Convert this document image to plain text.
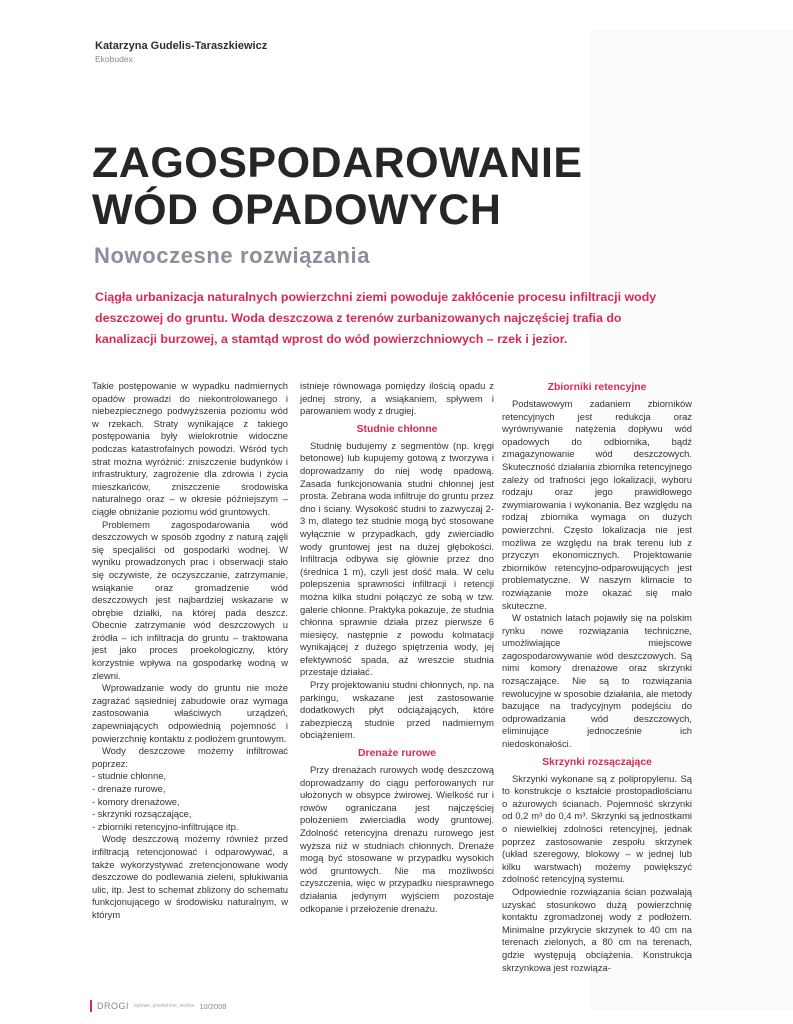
Katarzyna Gudelis-Taraszkiewicz
Ekobudex
ZAGOSPODAROWANIE
WÓD OPADOWYCH
Nowoczesne rozwiązania

Ciągła urbanizacja naturalnych powierzchni ziemi powoduje zakłócenie procesu infiltracji wody deszczowej do gruntu. Woda deszczowa z terenów zurbanizowanych najczęściej trafia do kanalizacji burzowej, a stamtąd wprost do wód powierzchniowych – rzek i jezior.

Takie postępowanie w wypadku nadmiernych opadów prowadzi do niekontrolowanego i niebezpiecznego podwyższenia poziomu wód w rzekach. Straty wynikające z takiego postępowania były wielokrotnie widoczne podczas katastrofalnych powodzi. Wśród tych strat można wyróżnić: zniszczenie budynków i infrastruktury, zagrożenie dla zdrowia i życia mieszkańców, zniszczenie środowiska naturalnego oraz – w okresie późniejszym – ciągłe obniżanie poziomu wód gruntowych.

Problemem zagospodarowania wód deszczowych w sposób zgodny z naturą zajęli się specjaliści od gospodarki wodnej. W wyniku prowadzonych prac i obserwacji stało się oczywiste, że oczyszczanie, zatrzymanie, wsiąkanie oraz gromadzenie wód deszczowych jest najbardziej wskazane w obrębie działki, na której pada deszcz. Obecnie zatrzymanie wód deszczowych u źródła – ich infiltracja do gruntu – traktowana jest jako proces proekologiczny, który korzystnie wpływa na gospodarkę wodną w zlewni.

Wprowadzanie wody do gruntu nie może zagrażać sąsiedniej zabudowie oraz wymaga zastosowania właściwych urządzeń, zapewniających odpowiednią pojemność i powierzchnię kontaktu z podłożem gruntowym.

Wody deszczowe możemy infiltrować poprzez:

- studnie chłonne,
- drenaże rurowe,
- komory drenażowe,
- skrzynki rozsączające,
- zbiorniki retencyjno-infiltrujące itp.

Wodę deszczową możemy również przed infiltracją retencjonować i odparowywać, a także wykorzystywać zretencjonowane wody deszczowe do podlewania zieleni, spłukiwania ulic, itp. Jest to schemat zbliżony do schematu funkcjonującego w środowisku naturalnym, w którym

istnieje równowaga pomiędzy ilością opadu z jednej strony, a wsiąkaniem, spływem i parowaniem wody z drugiej.

Studnie chłonne

Studnię budujemy z segmentów (np. kręgi betonowe) lub kupujemy gotową z tworzywa i doprowadzamy do niej wodę opadową. Zasada funkcjonowania studni chłonnej jest prosta. Zebrana woda infiltruje do gruntu przez dno i ściany. Wysokość studni to zazwyczaj 2-3 m, dlatego też studnie mogą być stosowane wyłącznie w przypadkach, gdy zwierciadło wody gruntowej jest na dużej głębokości. Infiltracja odbywa się głównie przez dno (średnica 1 m), czyli jest dość mała. W celu polepszenia sprawności infiltracji i retencji można kilka studni połączyć ze sobą w tzw. galerie chłonne. Praktyka pokazuje, że studnia chłonna sprawnie działa przez pierwsze 6 miesięcy, następnie z powodu kolmatacji wynikającej z dużego spiętrzenia wody, jej efektywność spada, aż wreszcie studnia przestaje działać.

Przy projektowaniu studni chłonnych, np. na parkingu, wskazane jest zastosowanie dodatkowych płyt odciążających, które zabezpieczą studnie przed nadmiernym obciążeniem.

Drenaże rurowe

Przy drenażach rurowych wodę deszczową doprowadzamy do ciągu perforowanych rur ułożonych w obsypce żwirowej. Wielkość rur i rowów ograniczana jest najczęściej położeniem zwierciadła wody gruntowej. Zdolność retencyjna drenażu rurowego jest wyższa niż w studniach chłonnych. Drenaże mogą być stosowane w przypadku wysokich wód gruntowych. Nie ma możliwości czyszczenia, więc w przypadku niesprawnego działania jedynym wyjściem pozostaje odkopanie i przełożenie drenażu.

Zbiorniki retencyjne

Podstawowym zadaniem zbiorników retencyjnych jest redukcja oraz wyrównywanie natężenia dopływu wód opadowych do odbiornika, bądź zmagazynowanie wód deszczowych. Skuteczność działania zbiornika retencyjnego zależy od trafności jego lokalizacji, wyboru rodzaju oraz jego prawidłowego zwymiarowania i wykonania. Bez względu na rodzaj zbiornika wymaga on dużych powierzchni. Często lokalizacja nie jest możliwa ze względu na brak terenu lub z przyczyn ekonomicznych. Projektowanie zbiorników retencyjno-odparowujących jest problematyczne. W naszym klimacie to rozwiązanie może okazać się mało skuteczne.

W ostatnich latach pojawiły się na polskim rynku nowe rozwiązania techniczne, umożliwiające miejscowe zagospodarowywanie wód deszczowych. Są nimi komory drenażowe oraz skrzynki rozsączające. Nie są to rozwiązania rewolucyjne w sposobie działania, ale metody bazujące na tradycyjnym podejściu do odprowadzania wód deszczowych, eliminujące jednocześnie ich niedoskonałości.

Skrzynki rozsączające

Skrzynki wykonane są z polipropylenu. Są to konstrukcje o kształcie prostopadłościanu o ażurowych ścianach. Pojemność skrzynki od 0,2 m³ do 0,4 m³. Skrzynki są jednostkami o niewielkiej zdolności retencyjnej, jednak poprzez zastosowanie zespołu skrzynek (układ szeregowy, blokowy – w jednej lub kilku warstwach) możemy powiększyć zdolność retencyjną systemu.

Odpowiednie rozwiązania ścian pozwalają uzyskać stosunkowo dużą powierzchnię kontaktu zgromadzonej wody z podłożem. Minimalne przykrycie skrzynek to 40 cm na terenach zielonych, a 80 cm na terenach, gdzie występują obciążenia. Konstrukcja skrzynkowa jest rozwiąza-

DROGI lądowe, powietrzne, wodne 10/2008
